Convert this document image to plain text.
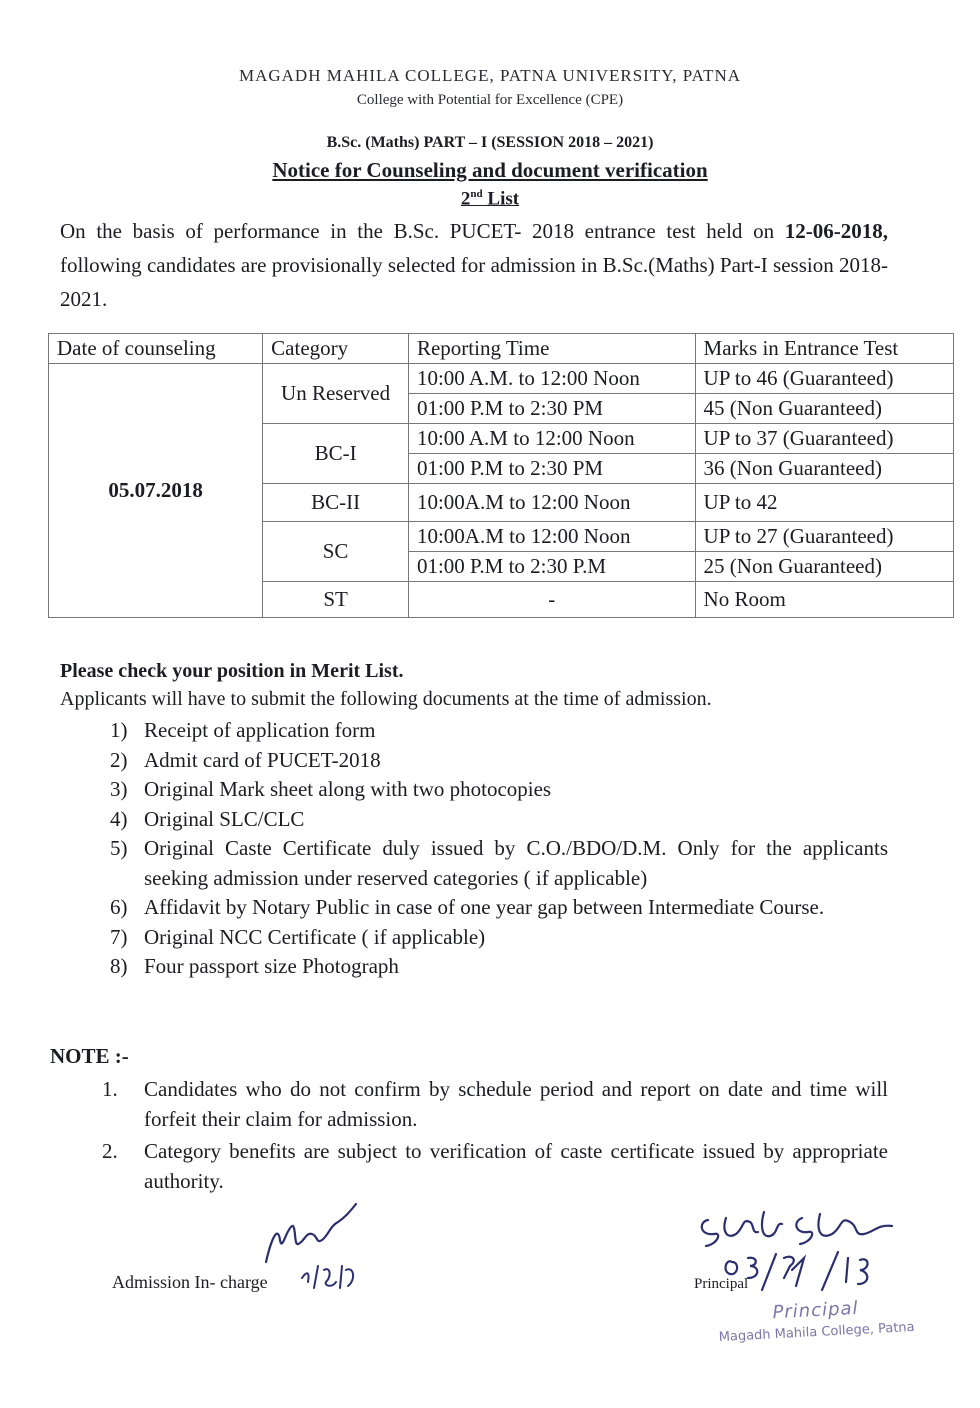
MAGADH MAHILA COLLEGE, PATNA UNIVERSITY, PATNA
College with Potential for Excellence (CPE)
B.Sc. (Maths) PART – I (SESSION 2018 – 2021)
Notice for Counseling and document verification
2nd List
On the basis of performance in the B.Sc. PUCET- 2018 entrance test held on 12-06-2018, following candidates are provisionally selected for admission in B.Sc.(Maths) Part-I session 2018-2021.
Date of counseling	Category	Reporting Time	Marks in Entrance Test
05.07.2018	Un Reserved	10:00 A.M. to 12:00 Noon	UP to 46 (Guaranteed)
		01:00 P.M to 2:30 PM	45 (Non Guaranteed)
	BC-I	10:00 A.M to 12:00 Noon	UP to 37 (Guaranteed)
		01:00 P.M to 2:30 PM	36 (Non Guaranteed)
	BC-II	10:00A.M to 12:00 Noon	UP to 42
	SC	10:00A.M to 12:00 Noon	UP to 27 (Guaranteed)
		01:00 P.M to 2:30 P.M	25 (Non Guaranteed)
	ST	-	No Room
Please check your position in Merit List.
Applicants will have to submit the following documents at the time of admission.
1) Receipt of application form
2) Admit card of PUCET-2018
3) Original Mark sheet along with two photocopies
4) Original SLC/CLC
5) Original Caste Certificate duly issued by C.O./BDO/D.M. Only for the applicants seeking admission under reserved categories ( if applicable)
6) Affidavit by Notary Public in case of one year gap between Intermediate Course.
7) Original NCC Certificate ( if applicable)
8) Four passport size Photograph
NOTE :-
1.	Candidates who do not confirm by schedule period and report on date and time will forfeit their claim for admission.
2.	Category benefits are subject to verification of caste certificate issued by appropriate authority.
Admission In- charge	Principal
Principal
Magadh Mahila College, Patna
